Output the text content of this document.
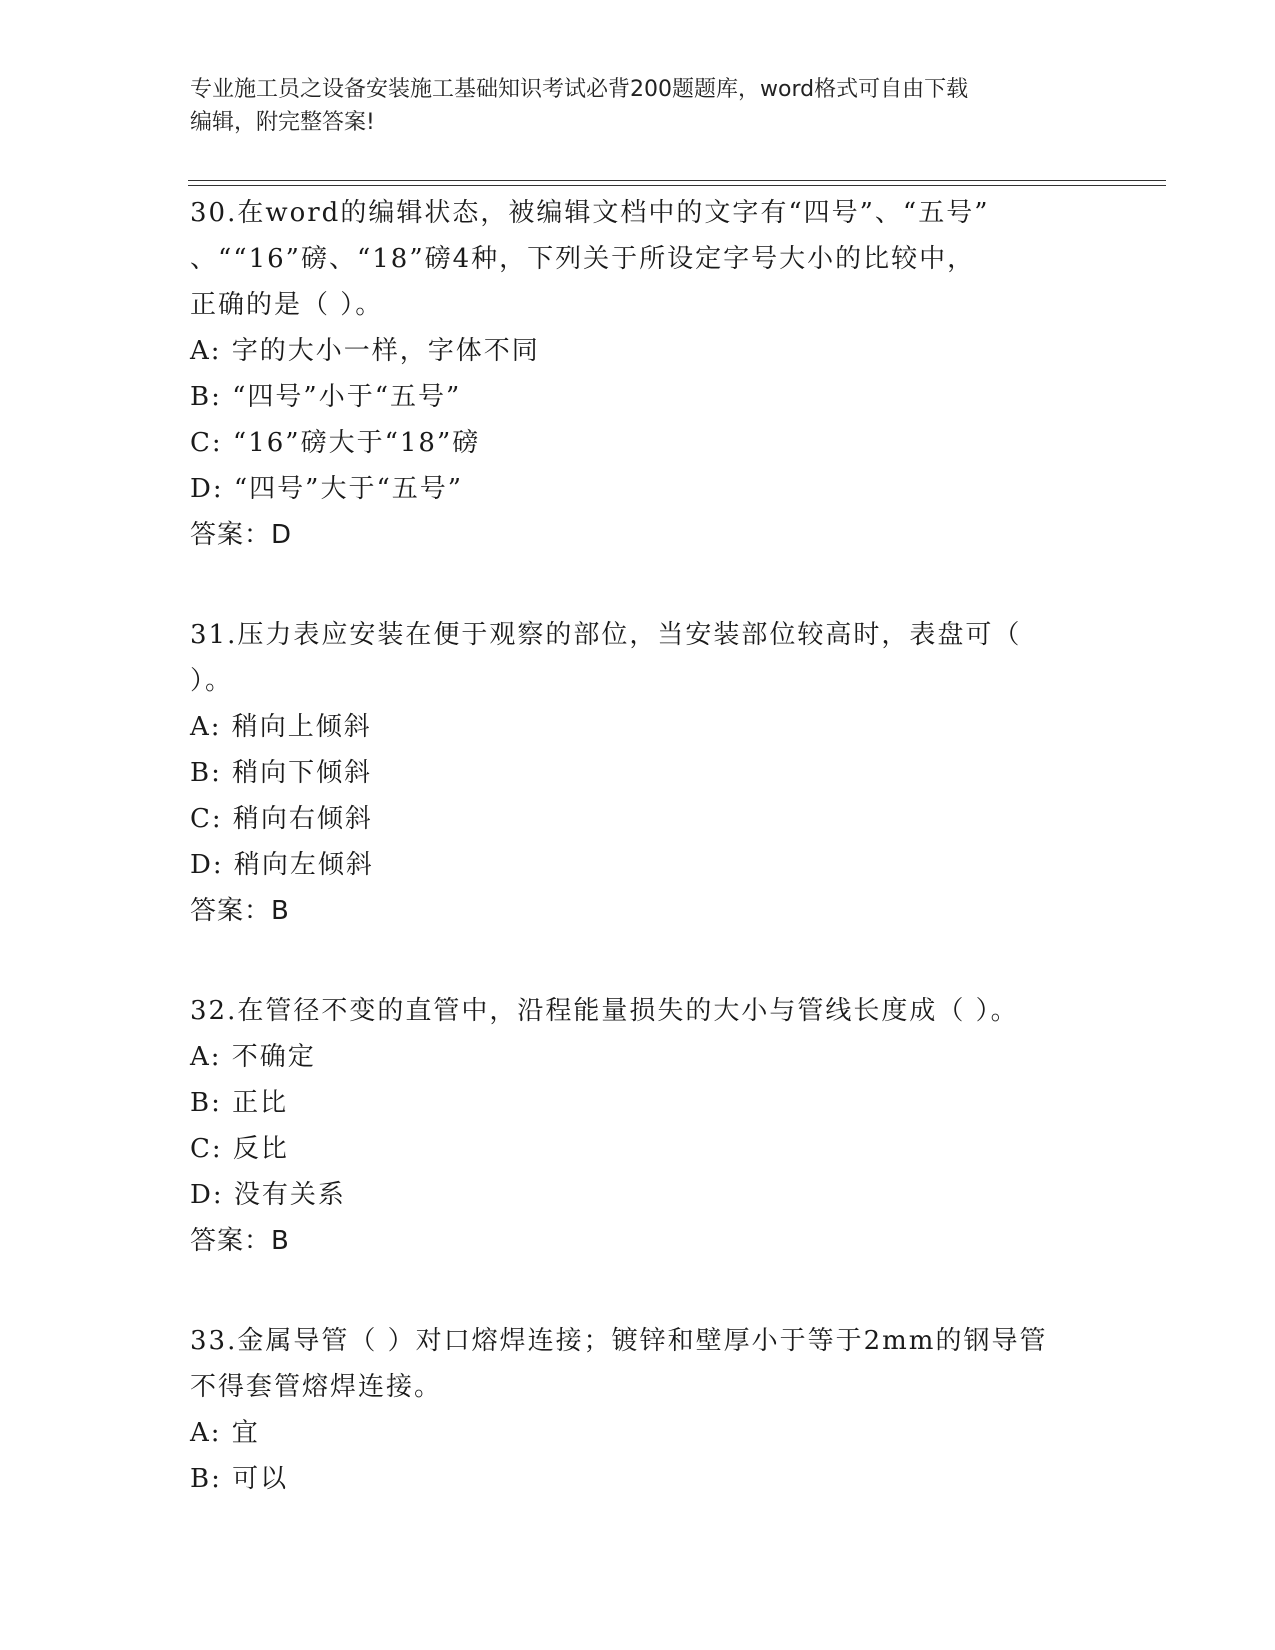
专业施工员之设备安装施工基础知识考试必背200题题库，word格式可自由下载
编辑，附完整答案!
30.在word的编辑状态，被编辑文档中的文字有“四号”、“五号”
、““16”磅、“18”磅4种，下列关于所设定字号大小的比较中，
正确的是（ ）。
A: 字的大小一样，字体不同
B: “四号”小于“五号”
C: “16”磅大于“18”磅
D: “四号”大于“五号”
答案：D
31.压力表应安装在便于观察的部位，当安装部位较高时，表盘可（
）。
A: 稍向上倾斜
B: 稍向下倾斜
C: 稍向右倾斜
D: 稍向左倾斜
答案：B
32.在管径不变的直管中，沿程能量损失的大小与管线长度成（ ）。
A: 不确定
B: 正比
C: 反比
D: 没有关系
答案：B
33.金属导管（ ）对口熔焊连接；镀锌和壁厚小于等于2mm的钢导管
不得套管熔焊连接。
A: 宜
B: 可以
